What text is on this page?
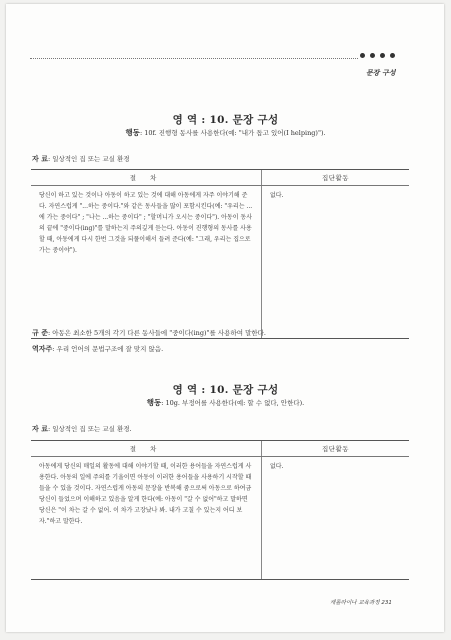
문장 구성
영 역 : 10. 문장 구성
행동: 10f. 진행형 동사를 사용한다(예: "내가 돕고 있어(I helping)").
자 료: 일상적인 집 또는 교실 환경
절 차	집단활동
당신이 하고 있는 것이나 아동이 하고 있는 것에 대해 아동에게 자주 이야기해 준다. 자연스럽게 "...하는 중이다."와 같은 동사들을 많이 포함시킨다(예: "우리는 ...에 가는 중이다" ; "나는 ...하는 중이다" ; "할머니가 오시는 중이다"). 아동이 동사의 끝에 "중이다(ing)"를 말하는지 주의깊게 듣는다. 아동이 진행형의 동사를 사용할 때, 아동에게 다시 한번 그것을 되풀이해서 들려 준다(예: "그래, 우리는 집으로 가는 중이야").	없다.
규 준: 아동은 최소한 5개의 각기 다른 동사들에 "중이다(ing)"를 사용하여 말한다.
역자주: 우리 언어의 문법구조에 잘 맞지 않음.
영 역 : 10. 문장 구성
행동: 10g. 부정어를 사용한다(예: 할 수 없다, 안한다).
자 료: 일상적인 집 또는 교실 환경.
절 차	집단활동
아동에게 당신의 매일의 활동에 대해 이야기할 때, 이러한 용어들을 자연스럽게 사용한다. 아동의 일에 주의를 기울이면 아동이 이러한 용어들을 사용하기 시작할 때 들을 수 있을 것이다. 자연스럽게 아동의 문장을 반복해 줌으로써 아동으로 하여금 당신이 들었으며 이해하고 있음을 알게 한다(예: 아동이 "갈 수 없어"하고 말하면 당신은 "이 차는 갈 수 없어. 이 차가 고장났나 봐. 내가 고칠 수 있는지 어디 보자."하고 말한다.	없다.
캐롤라이나 교육과정 231
